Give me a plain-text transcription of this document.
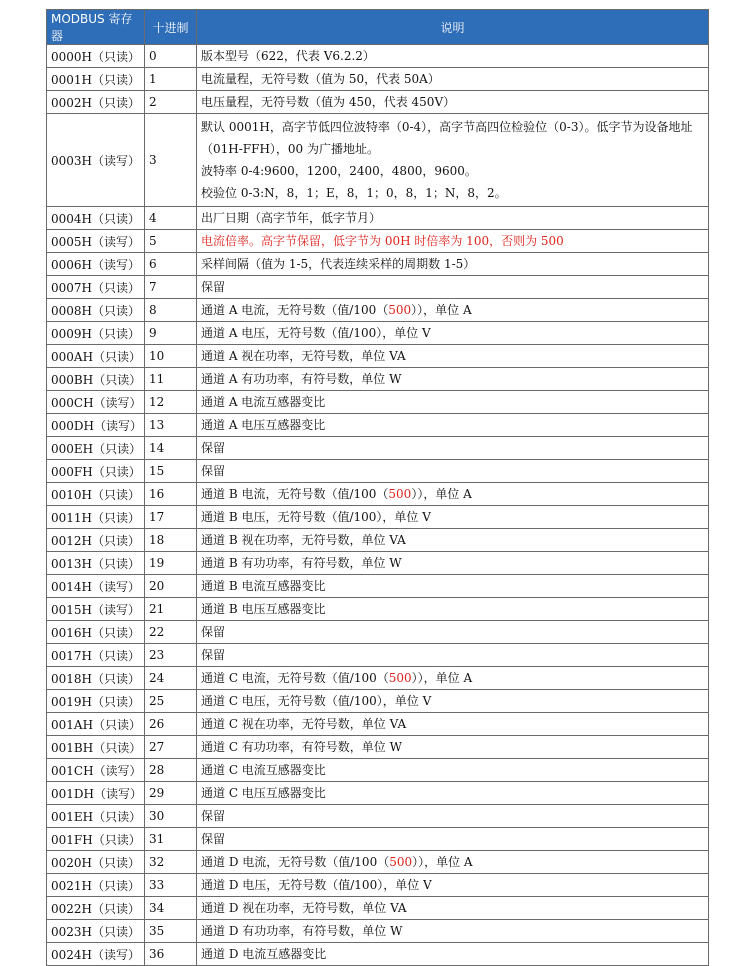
MODBUS 寄存器	十进制	说明
0000H（只读）	0	版本型号（622，代表 V6.2.2）
0001H（只读）	1	电流量程，无符号数（值为 50，代表 50A）
0002H（只读）	2	电压量程，无符号数（值为 450，代表 450V）
0003H（读写）	3	默认 0001H，高字节低四位波特率（0-4），高字节高四位检验位（0-3）。低字节为设备地址（01H-FFH），00 为广播地址。
波特率 0-4:9600，1200，2400，4800，9600。
校验位 0-3:N，8，1；E，8，1；0，8，1；N，8，2。

0004H（只读）	4	出厂日期（高字节年，低字节月）
0005H（读写）	5	电流倍率。高字节保留，低字节为 00H 时倍率为 100，否则为 500
0006H（读写）	6	采样间隔（值为 1-5，代表连续采样的周期数 1-5）
0007H（只读）	7	保留
0008H（只读）	8	通道 A 电流，无符号数（值/100（500）），单位 A
0009H（只读）	9	通道 A 电压，无符号数（值/100），单位 V
000AH（只读）	10	通道 A 视在功率，无符号数，单位 VA
000BH（只读）	11	通道 A 有功功率，有符号数，单位 W
000CH（读写）	12	通道 A 电流互感器变比
000DH（读写）	13	通道 A 电压互感器变比
000EH（只读）	14	保留
000FH（只读）	15	保留
0010H（只读）	16	通道 B 电流，无符号数（值/100（500）），单位 A
0011H（只读）	17	通道 B 电压，无符号数（值/100），单位 V
0012H（只读）	18	通道 B 视在功率，无符号数，单位 VA
0013H（只读）	19	通道 B 有功功率，有符号数，单位 W
0014H（读写）	20	通道 B 电流互感器变比
0015H（读写）	21	通道 B 电压互感器变比
0016H（只读）	22	保留
0017H（只读）	23	保留
0018H（只读）	24	通道 C 电流，无符号数（值/100（500）），单位 A
0019H（只读）	25	通道 C 电压，无符号数（值/100），单位 V
001AH（只读）	26	通道 C 视在功率，无符号数，单位 VA
001BH（只读）	27	通道 C 有功功率，有符号数，单位 W
001CH（读写）	28	通道 C 电流互感器变比
001DH（读写）	29	通道 C 电压互感器变比
001EH（只读）	30	保留
001FH（只读）	31	保留
0020H（只读）	32	通道 D 电流，无符号数（值/100（500）），单位 A
0021H（只读）	33	通道 D 电压，无符号数（值/100），单位 V
0022H（只读）	34	通道 D 视在功率，无符号数，单位 VA
0023H（只读）	35	通道 D 有功功率，有符号数，单位 W
0024H（读写）	36	通道 D 电流互感器变比
